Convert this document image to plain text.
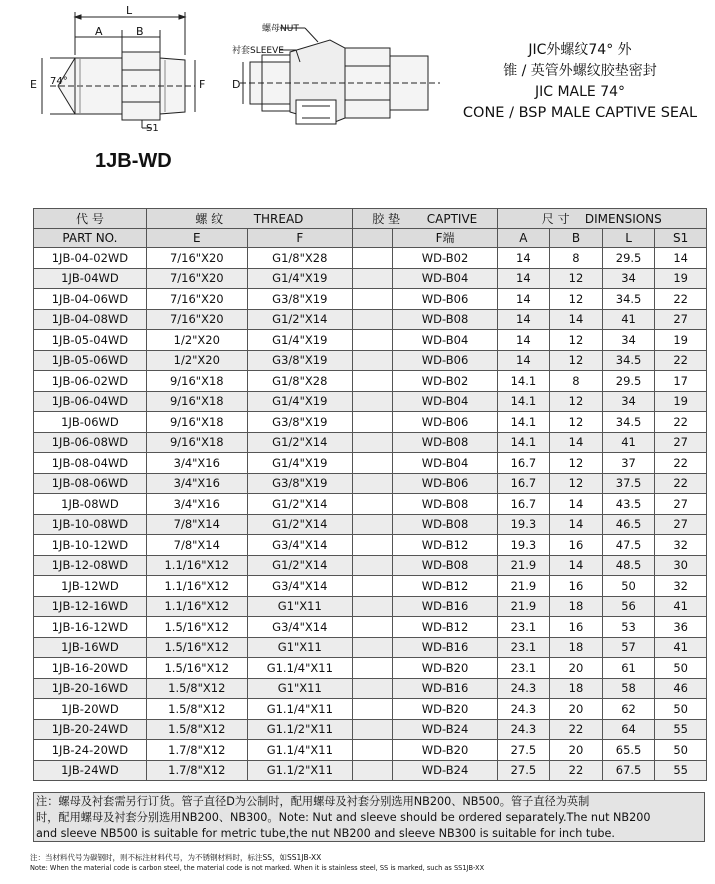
L
A	B
E	F
74°
S1
D
螺母NUT
衬套SLEEVE	JIC外螺纹74° 外
锥 / 英管外螺纹胶垫密封
JIC MALE 74°
CONE / BSP MALE CAPTIVE SEAL
1JB-WD
代 号	螺 纹 THREAD		胶 垫 CAPTIVE		尺 寸 DIMENSIONS			
PART NO.	E	F		F端	A	B	L	S1
1JB-04-02WD	7/16"X20	G1/8"X28		WD-B02	14	8	29.5	14
1JB-04WD	7/16"X20	G1/4"X19		WD-B04	14	12	34	19
1JB-04-06WD	7/16"X20	G3/8"X19		WD-B06	14	12	34.5	22
1JB-04-08WD	7/16"X20	G1/2"X14		WD-B08	14	14	41	27
1JB-05-04WD	1/2"X20	G1/4"X19		WD-B04	14	12	34	19
1JB-05-06WD	1/2"X20	G3/8"X19		WD-B06	14	12	34.5	22
1JB-06-02WD	9/16"X18	G1/8"X28		WD-B02	14.1	8	29.5	17
1JB-06-04WD	9/16"X18	G1/4"X19		WD-B04	14.1	12	34	19
1JB-06WD	9/16"X18	G3/8"X19		WD-B06	14.1	12	34.5	22
1JB-06-08WD	9/16"X18	G1/2"X14		WD-B08	14.1	14	41	27
1JB-08-04WD	3/4"X16	G1/4"X19		WD-B04	16.7	12	37	22
1JB-08-06WD	3/4"X16	G3/8"X19		WD-B06	16.7	12	37.5	22
1JB-08WD	3/4"X16	G1/2"X14		WD-B08	16.7	14	43.5	27
1JB-10-08WD	7/8"X14	G1/2"X14		WD-B08	19.3	14	46.5	27
1JB-10-12WD	7/8"X14	G3/4"X14		WD-B12	19.3	16	47.5	32
1JB-12-08WD	1.1/16"X12	G1/2"X14		WD-B08	21.9	14	48.5	30
1JB-12WD	1.1/16"X12	G3/4"X14		WD-B12	21.9	16	50	32
1JB-12-16WD	1.1/16"X12	G1"X11		WD-B16	21.9	18	56	41
1JB-16-12WD	1.5/16"X12	G3/4"X14		WD-B12	23.1	16	53	36
1JB-16WD	1.5/16"X12	G1"X11		WD-B16	23.1	18	57	41
1JB-16-20WD	1.5/16"X12	G1.1/4"X11		WD-B20	23.1	20	61	50
1JB-20-16WD	1.5/8"X12	G1"X11		WD-B16	24.3	18	58	46
1JB-20WD	1.5/8"X12	G1.1/4"X11		WD-B20	24.3	20	62	50
1JB-20-24WD	1.5/8"X12	G1.1/2"X11		WD-B24	24.3	22	64	55
1JB-24-20WD	1.7/8"X12	G1.1/4"X11		WD-B20	27.5	20	65.5	50
1JB-24WD	1.7/8"X12	G1.1/2"X11		WD-B24	27.5	22	67.5	55
注：螺母及衬套需另行订货。管子直径D为公制时，配用螺母及衬套分别选用NB200、NB500。管子直径为英制
时，配用螺母及衬套分别选用NB200、NB300。Note: Nut and sleeve should be ordered separately.The nut NB200
and sleeve NB500 is suitable for metric tube,the nut NB200 and sleeve NB300 is suitable for inch tube.
注：当材料代号为碳钢时，则不标注材料代号，为不锈钢材料时，标注SS，如SS1JB-XX
Note: When the material code is carbon steel, the material code is not marked. When it is stainless steel, SS is marked, such as SS1JB-XX
